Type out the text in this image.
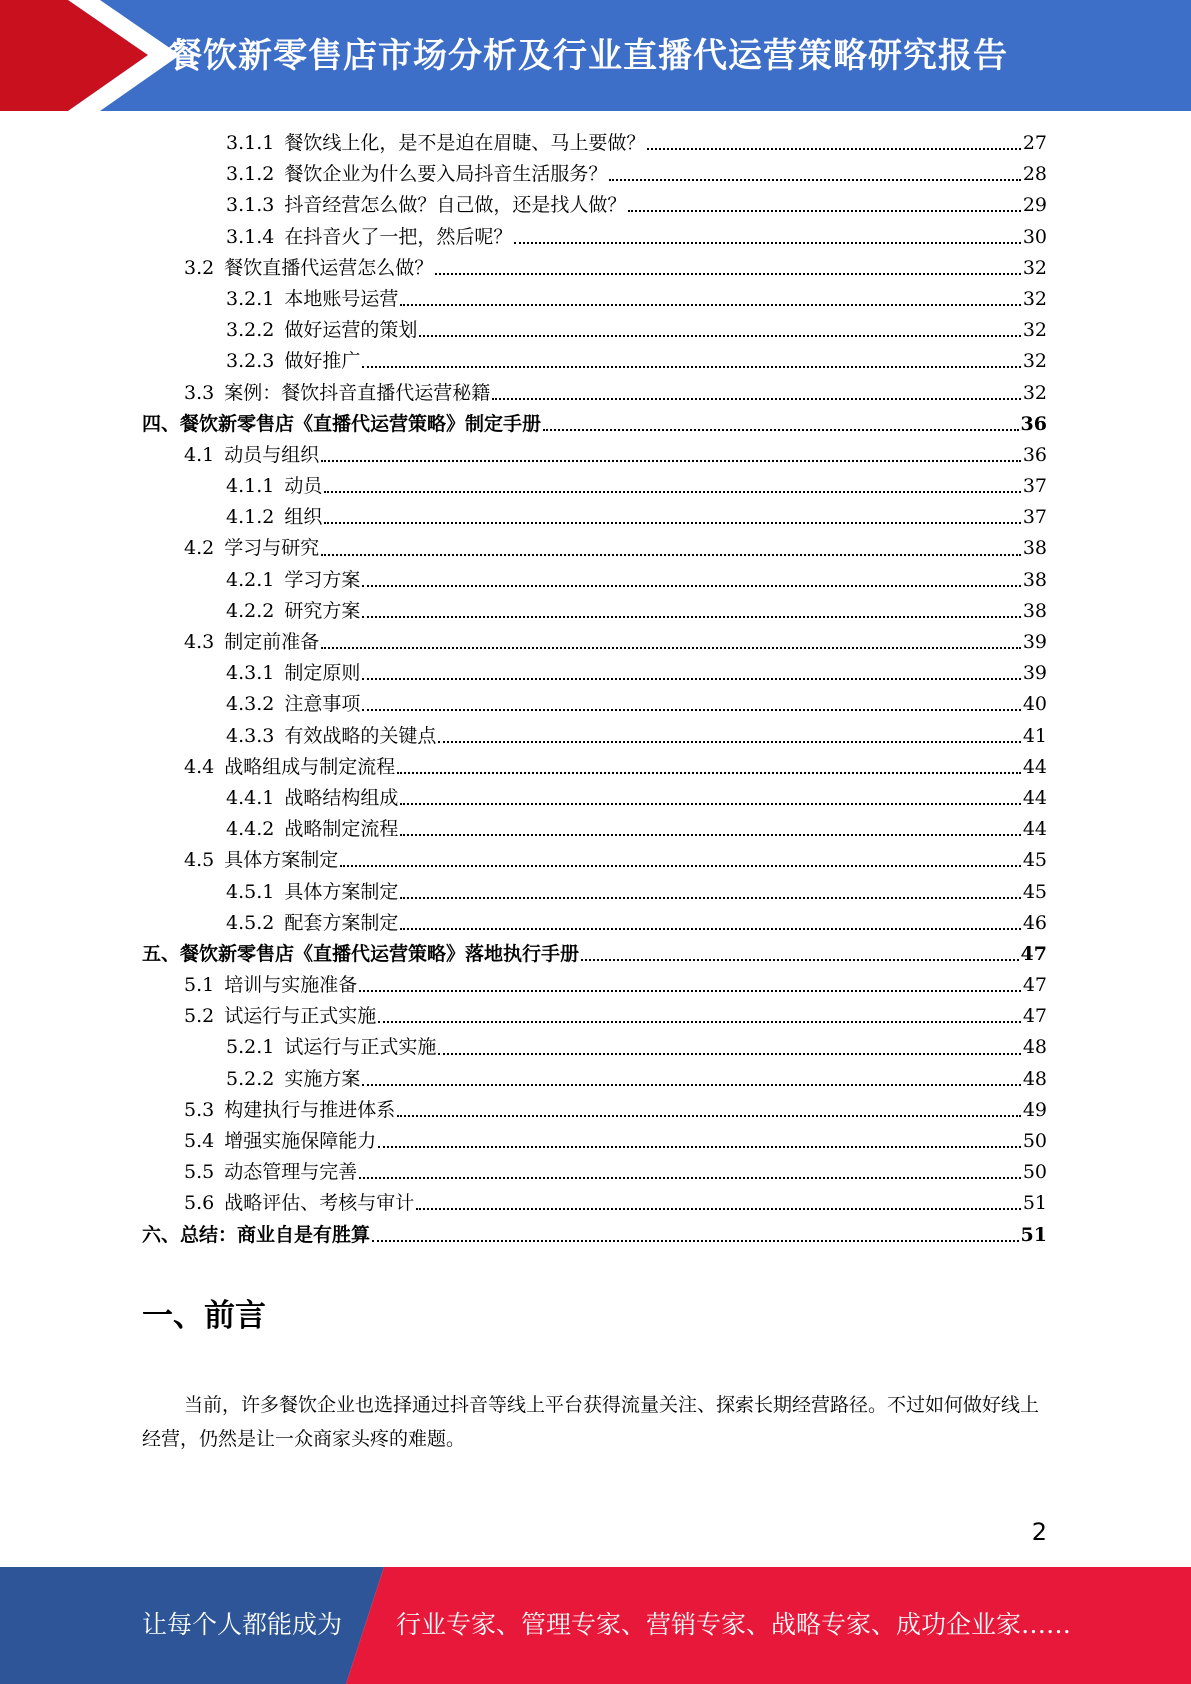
餐饮新零售店市场分析及行业直播代运营策略研究报告
3.1.1 餐饮线上化，是不是迫在眉睫、马上要做？	27
3.1.2 餐饮企业为什么要入局抖音生活服务？	28
3.1.3 抖音经营怎么做？自己做，还是找人做？	29
3.1.4 在抖音火了一把，然后呢？	30
3.2 餐饮直播代运营怎么做？	32
3.2.1 本地账号运营	32
3.2.2 做好运营的策划	32
3.2.3 做好推广	32
3.3 案例：餐饮抖音直播代运营秘籍	32
四、餐饮新零售店《直播代运营策略》制定手册	36
4.1 动员与组织	36
4.1.1 动员	37
4.1.2 组织	37
4.2 学习与研究	38
4.2.1 学习方案	38
4.2.2 研究方案	38
4.3 制定前准备	39
4.3.1 制定原则	39
4.3.2 注意事项	40
4.3.3 有效战略的关键点	41
4.4 战略组成与制定流程	44
4.4.1 战略结构组成	44
4.4.2 战略制定流程	44
4.5 具体方案制定	45
4.5.1 具体方案制定	45
4.5.2 配套方案制定	46
五、餐饮新零售店《直播代运营策略》落地执行手册	47
5.1 培训与实施准备	47
5.2 试运行与正式实施	47
5.2.1 试运行与正式实施	48
5.2.2 实施方案	48
5.3 构建执行与推进体系	49
5.4 增强实施保障能力	50
5.5 动态管理与完善	50
5.6 战略评估、考核与审计	51
六、总结：商业自是有胜算	51
一、前言
当前，许多餐饮企业也选择通过抖音等线上平台获得流量关注、探索长期经营路径。不过如何做好线上经营，仍然是让一众商家头疼的难题。
2
让每个人都能成为 行业专家、管理专家、营销专家、战略专家、成功企业家……
